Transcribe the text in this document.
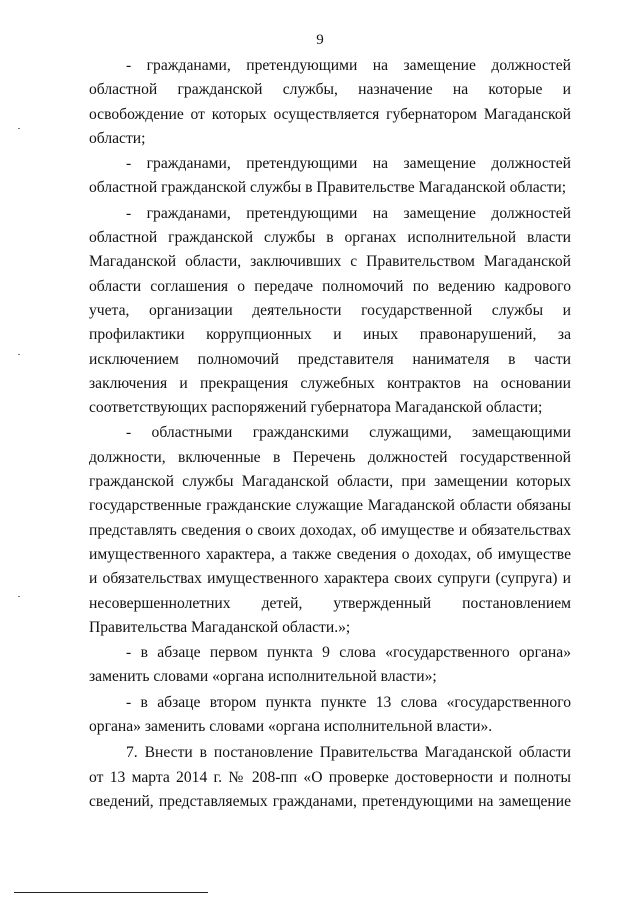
9

- гражданами, претендующими на замещение должностей областной гражданской службы, назначение на которые и освобождение от которых осуществляется губернатором Магаданской области;

- гражданами, претендующими на замещение должностей областной гражданской службы в Правительстве Магаданской области;

- гражданами, претендующими на замещение должностей областной гражданской службы в органах исполнительной власти Магаданской области, заключивших с Правительством Магаданской области соглашения о передаче полномочий по ведению кадрового учета, организации деятельности государственной службы и профилактики коррупционных и иных правонарушений, за исключением полномочий представителя нанимателя в части заключения и прекращения служебных контрактов на основании соответствующих распоряжений губернатора Магаданской области;

- областными гражданскими служащими, замещающими должности, включенные в Перечень должностей государственной гражданской службы Магаданской области, при замещении которых государственные гражданские служащие Магаданской области обязаны представлять сведения о своих доходах, об имуществе и обязательствах имущественного характера, а также сведения о доходах, об имуществе и обязательствах имущественного характера своих супруги (супруга) и несовершеннолетних детей, утвержденный постановлением Правительства Магаданской области.»;

- в абзаце первом пункта 9 слова «государственного органа» заменить словами «органа исполнительной власти»;

- в абзаце втором пункта пункте 13 слова «государственного органа» заменить словами «органа исполнительной власти».

7. Внести в постановление Правительства Магаданской области от 13 марта 2014 г. № 208-пп «О проверке достоверности и полноты сведений, представляемых гражданами, претендующими на замещение
